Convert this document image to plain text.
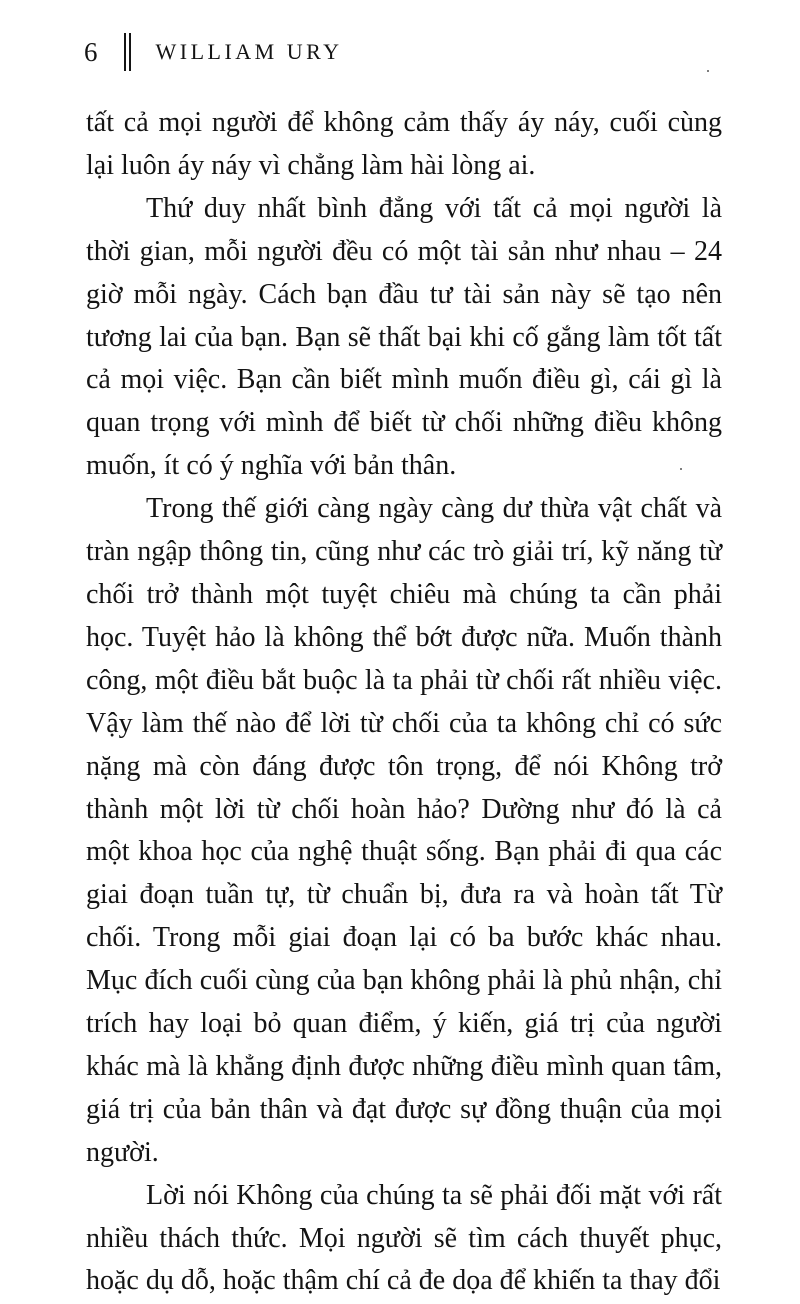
6	WILLIAM URY

tất cả mọi người để không cảm thấy áy náy, cuối cùng lại luôn áy náy vì chẳng làm hài lòng ai.

Thứ duy nhất bình đẳng với tất cả mọi người là thời gian, mỗi người đều có một tài sản như nhau – 24 giờ mỗi ngày. Cách bạn đầu tư tài sản này sẽ tạo nên tương lai của bạn. Bạn sẽ thất bại khi cố gắng làm tốt tất cả mọi việc. Bạn cần biết mình muốn điều gì, cái gì là quan trọng với mình để biết từ chối những điều không muốn, ít có ý nghĩa với bản thân.

Trong thế giới càng ngày càng dư thừa vật chất và tràn ngập thông tin, cũng như các trò giải trí, kỹ năng từ chối trở thành một tuyệt chiêu mà chúng ta cần phải học. Tuyệt hảo là không thể bớt được nữa. Muốn thành công, một điều bắt buộc là ta phải từ chối rất nhiều việc. Vậy làm thế nào để lời từ chối của ta không chỉ có sức nặng mà còn đáng được tôn trọng, để nói Không trở thành một lời từ chối hoàn hảo? Dường như đó là cả một khoa học của nghệ thuật sống. Bạn phải đi qua các giai đoạn tuần tự, từ chuẩn bị, đưa ra và hoàn tất Từ chối. Trong mỗi giai đoạn lại có ba bước khác nhau. Mục đích cuối cùng của bạn không phải là phủ nhận, chỉ trích hay loại bỏ quan điểm, ý kiến, giá trị của người khác mà là khẳng định được những điều mình quan tâm, giá trị của bản thân và đạt được sự đồng thuận của mọi người.

Lời nói Không của chúng ta sẽ phải đối mặt với rất nhiều thách thức. Mọi người sẽ tìm cách thuyết phục, hoặc dụ dỗ, hoặc thậm chí cả đe dọa để khiến ta thay đổi
